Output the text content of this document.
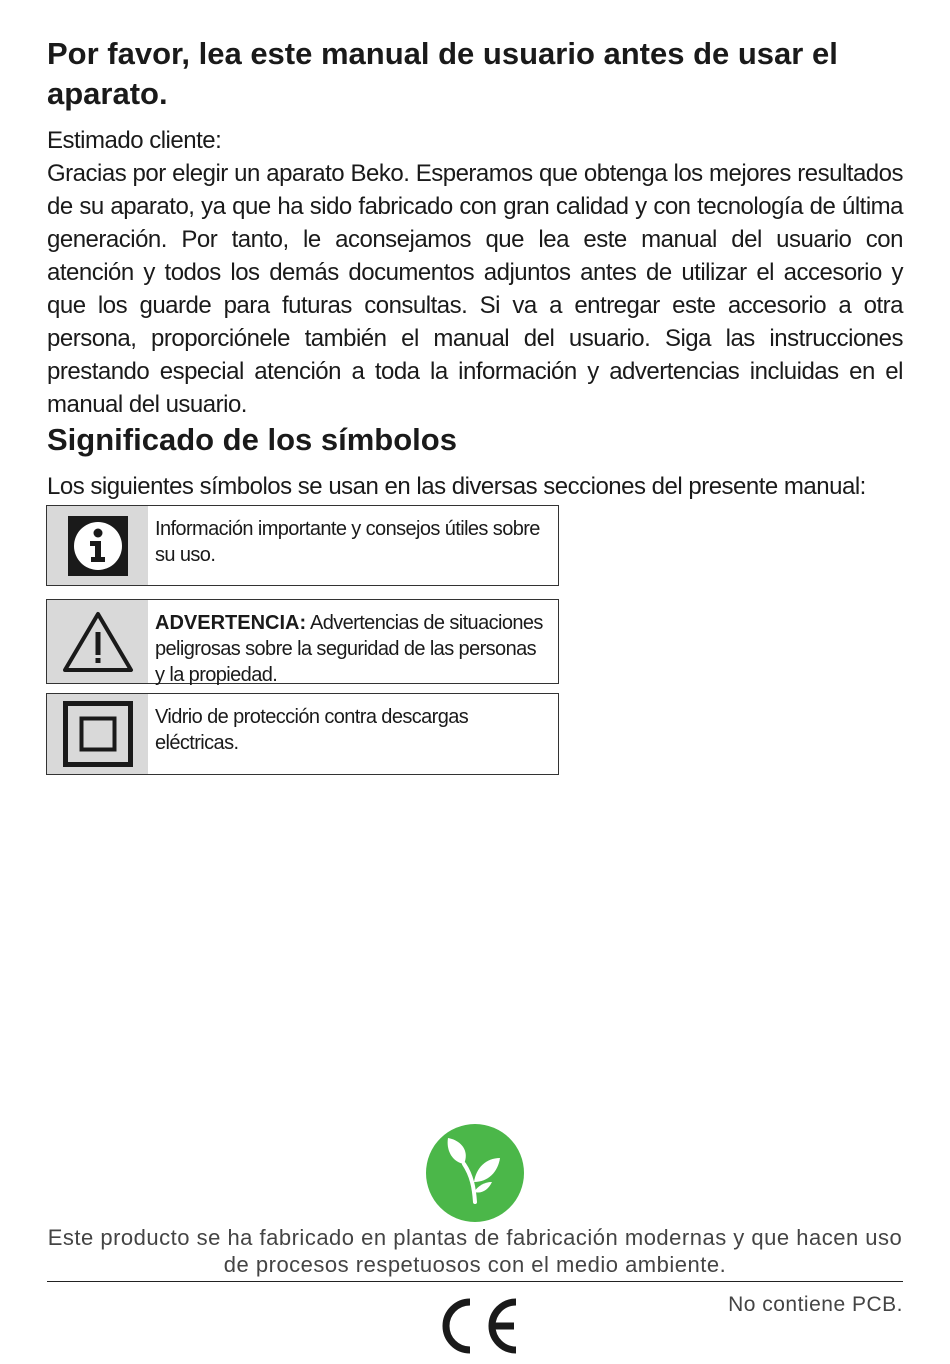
Por favor, lea este manual de usuario antes de usar el aparato.

Estimado cliente:

Gracias por elegir un aparato Beko. Esperamos que obtenga los mejores resultados de su aparato, ya que ha sido fabricado con gran calidad y con tecnología de última generación. Por tanto, le aconsejamos que lea este manual del usuario con atención y todos los demás documentos adjuntos antes de utilizar el accesorio y que los guarde para futuras consultas. Si va a entregar este accesorio a otra persona, proporciónele también el manual del usuario. Siga las instrucciones prestando especial atención a toda la información y advertencias incluidas en el manual del usuario.

Significado de los símbolos

Los siguientes símbolos se usan en las diversas secciones del presente manual:

Información importante y consejos útiles sobre su uso.
ADVERTENCIA: Advertencias de situaciones peligrosas sobre la seguridad de las personas y la propiedad.
Vidrio de protección contra descargas eléctricas.

Este producto se ha fabricado en plantas de fabricación modernas y que hacen uso de procesos respetuosos con el medio ambiente.

No contiene PCB.
